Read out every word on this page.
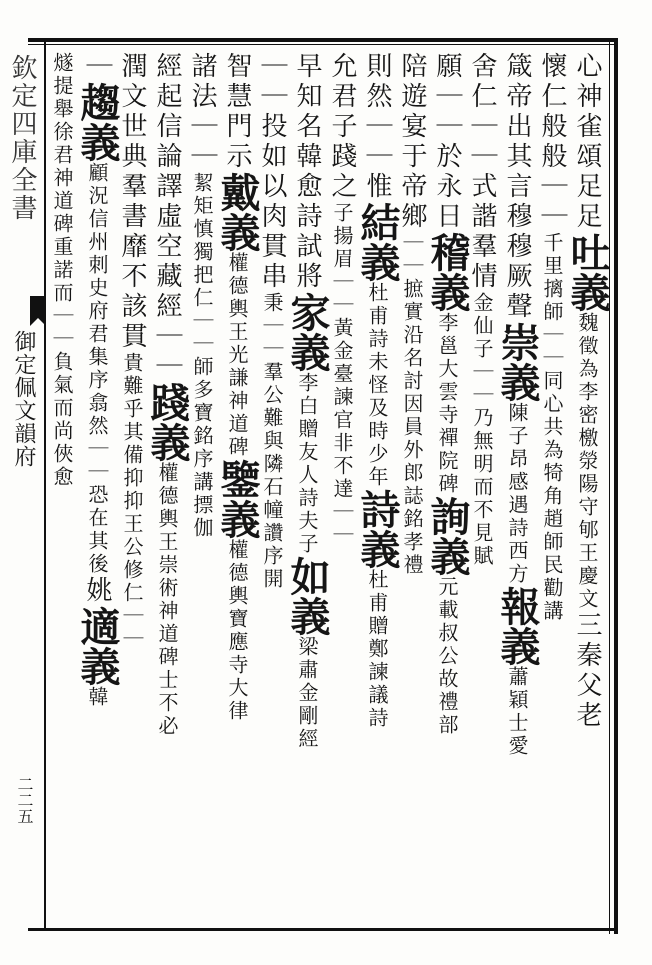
欽定四庫全書
御定佩文韻府
二二五
心神雀頌足足吐義魏徵為李密檄滎陽守郇王慶文三秦父老
懷仁般般｜｜千里摛師｜｜同心共為犄角趙師民勸講
箴帝出其言穆穆厥聲崇義陳子昂感遇詩西方報義蕭穎士愛
舍仁｜｜式諧羣情金仙子｜｜乃無明而不見賦
願｜｜於永日稽義李邕大雲寺禪院碑詢義元載叔公故禮部
陪遊宴于帝鄉｜｜摭實沿名討因員外郎誌銘孝禮
則然｜｜惟結義杜甫詩未怪及時少年詩義杜甫贈鄭諫議詩
允君子踐之子揚眉｜｜黃金臺諫官非不達｜｜
早知名韓愈詩試將家義李白贈友人詩夫子如義梁肅金剛經
｜｜投如以肉貫串秉｜｜羣公難與隣石幢讚序開
智慧門示戴義權德輿王光謙神道碑鑒義權德輿寶應寺大律
諸法｜｜絜矩慎獨把仁｜｜師多寶銘序講摽伽
經起信論譯虛空藏經｜｜踐義權德輿王崇術神道碑士不必
潤文世典羣書靡不該貫貴難乎其備抑抑王公修仁｜｜
｜趨義顧況信州刺史府君集序翕然｜｜恐在其後姚適義韓
燧提舉徐君神道碑重諾而｜｜負氣而尚俠愈
